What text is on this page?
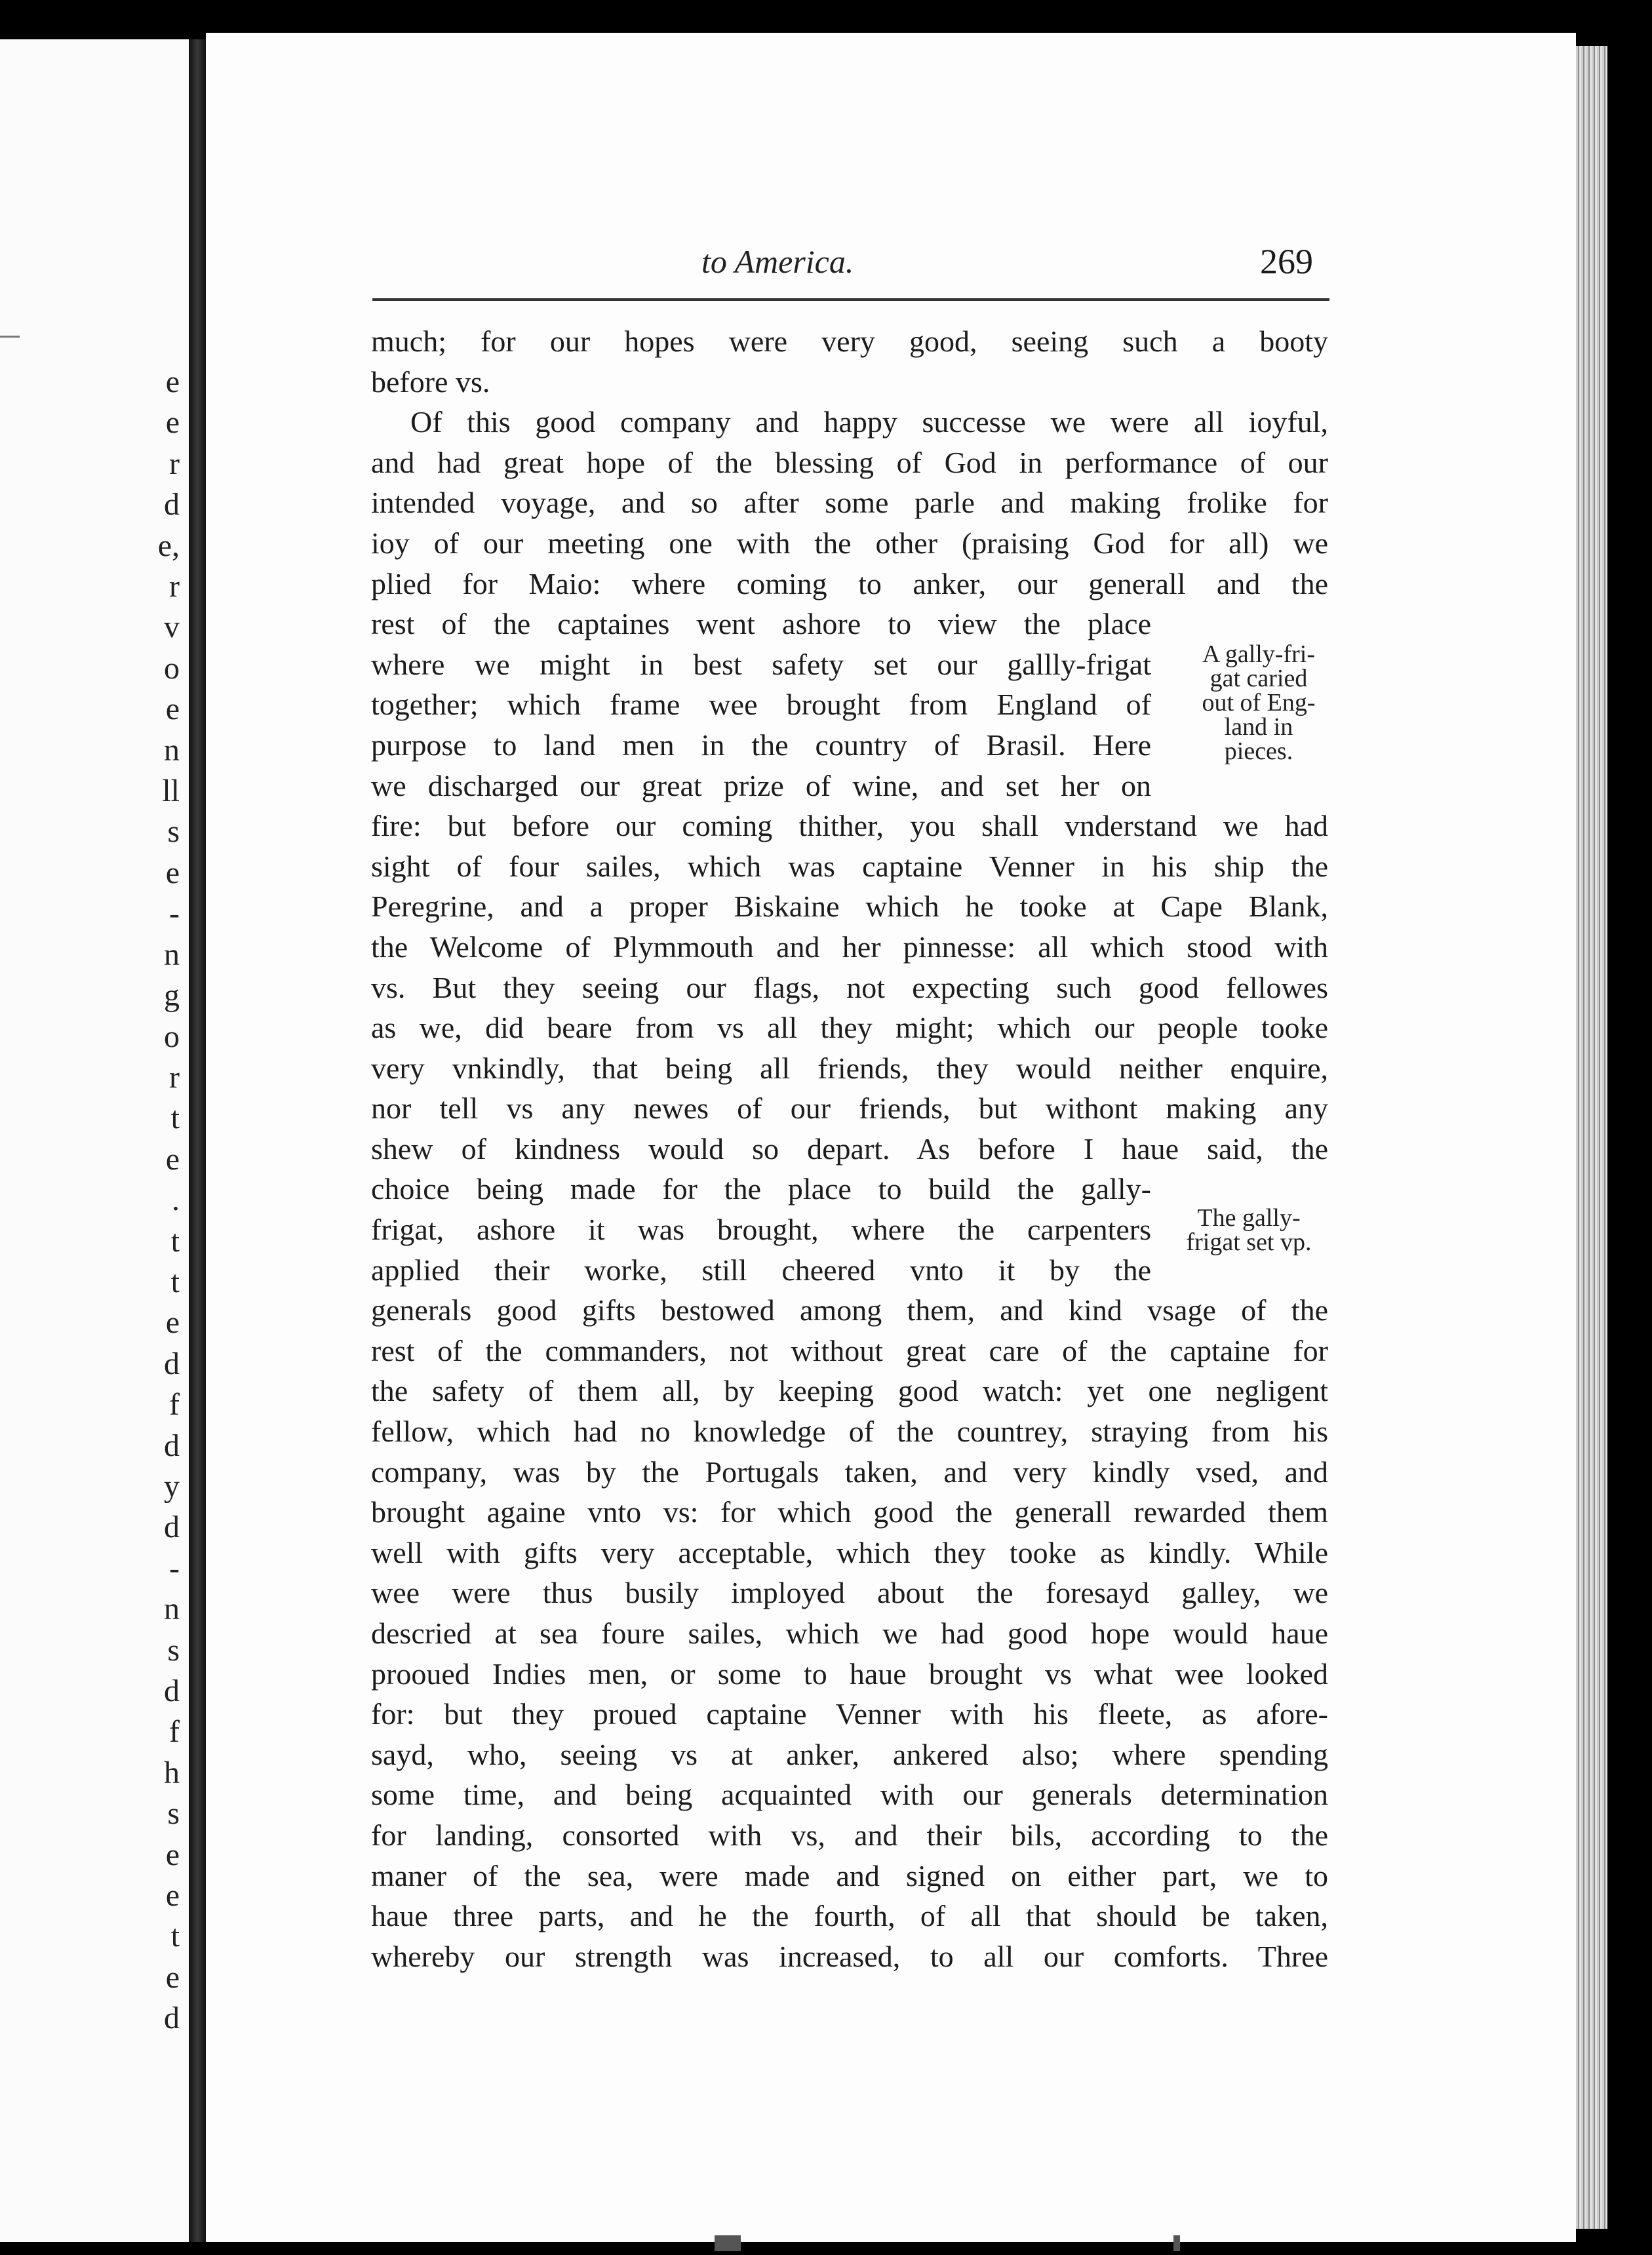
e
e
r
d
e,
r
v
o
e
n
ll
s
e
-
n
g
o
r
t
e
.
t
t
e
d
f
d
y
d
-
n
s
d
f
h
s
e
e
t
e
d
to America.	269
much; for our hopes were very good, seeing such a booty
before vs.
Of this good company and happy successe we were all ioyful,
and had great hope of the blessing of God in performance of our
intended voyage, and so after some parle and making frolike for
ioy of our meeting one with the other (praising God for all) we
plied for Maio: where coming to anker, our generall and the
rest of the captaines went ashore to view the place
where we might in best safety set our galllу-frigat
together; which frame wee brought from England of
purpose to land men in the country of Brasil. Here
we discharged our great prize of wine, and set her on
fire: but before our coming thither, you shall vnderstand we had
sight of four sailes, which was captaine Venner in his ship the
Peregrine, and a proper Biskaine which he tooke at Cape Blank,
the Welcome of Plymmouth and her pinnesse: all which stood with
vs. But they seeing our flags, not expecting such good fellowes
as we, did beare from vs all they might; which our people tooke
very vnkindly, that being all friends, they would neither enquire,
nor tell vs any newes of our friends, but withont making any
shew of kindness would so depart. As before I haue said, the
choice being made for the place to build the gally-
frigat, ashore it was brought, where the carpenters
applied their worke, still cheered vnto it by the
generals good gifts bestowed among them, and kind vsage of the
rest of the commanders, not without great care of the captaine for
the safety of them all, by keeping good watch: yet one negligent
fellow, which had no knowledge of the countrey, straying from his
company, was by the Portugals taken, and very kindly vsed, and
brought againe vnto vs: for which good the generall rewarded them
well with gifts very acceptable, which they tooke as kindly. While
wee were thus busily imployed about the foresayd galley, we
descried at sea foure sailes, which we had good hope would haue
prooued Indies men, or some to haue brought vs what wee looked
for: but they proued captaine Venner with his fleete, as afore-
sayd, who, seeing vs at anker, ankered also; where spending
some time, and being acquainted with our generals determination
for landing, consorted with vs, and their bils, according to the
maner of the sea, were made and signed on either part, we to
haue three parts, and he the fourth, of all that should be taken,
whereby our strength was increased, to all our comforts. Three
A gally-fri-
gat caried
out of Eng-
land in
pieces.
The gally-
frigat set vp.
